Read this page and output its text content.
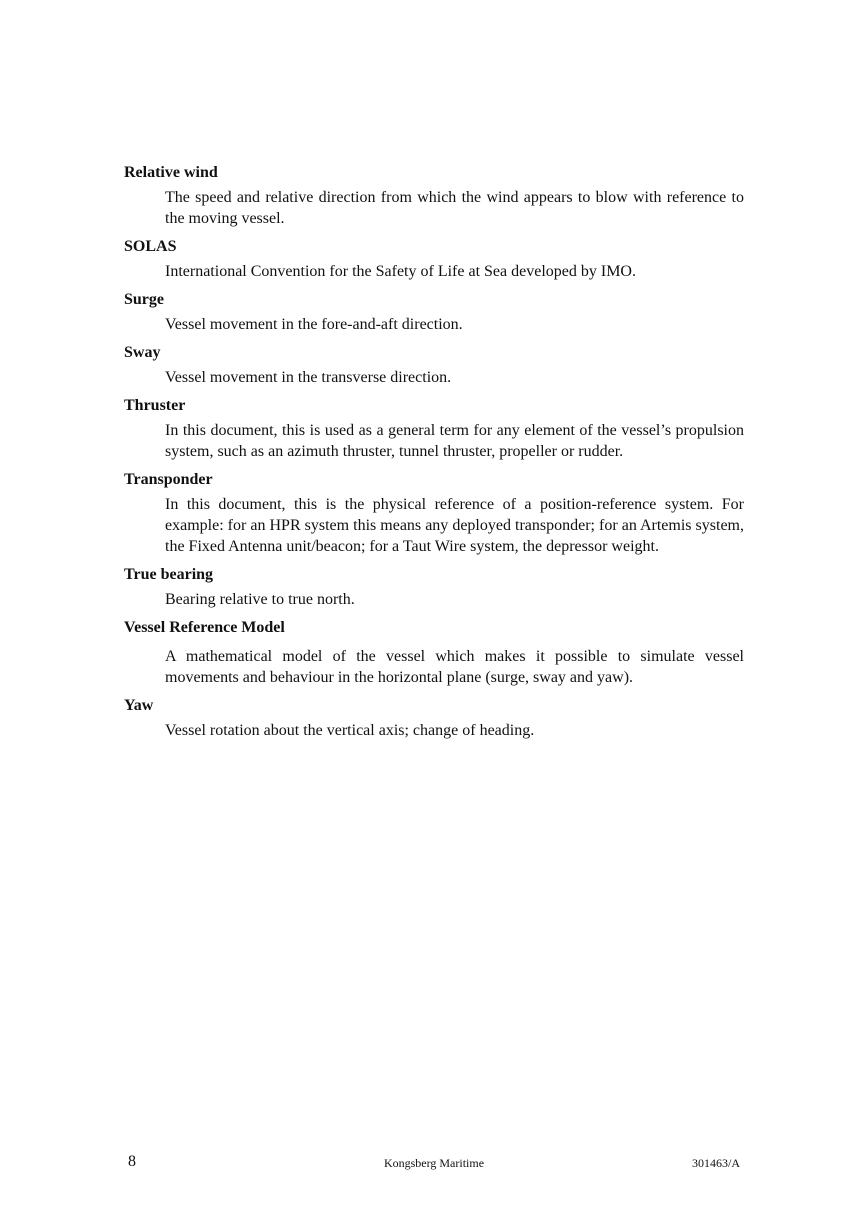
Relative wind
The speed and relative direction from which the wind appears to blow with reference to the moving vessel.
SOLAS
International Convention for the Safety of Life at Sea developed by IMO.
Surge
Vessel movement in the fore-and-aft direction.
Sway
Vessel movement in the transverse direction.
Thruster
In this document, this is used as a general term for any element of the vessel’s propulsion system, such as an azimuth thruster, tunnel thruster, propeller or rudder.
Transponder
In this document, this is the physical reference of a position-reference system. For example: for an HPR system this means any deployed transponder; for an Artemis system, the Fixed Antenna unit/beacon; for a Taut Wire system, the depressor weight.
True bearing
Bearing relative to true north.
Vessel Reference Model
A mathematical model of the vessel which makes it possible to simulate vessel movements and behaviour in the horizontal plane (surge, sway and yaw).
Yaw
Vessel rotation about the vertical axis; change of heading.
8	Kongsberg Maritime	301463/A
